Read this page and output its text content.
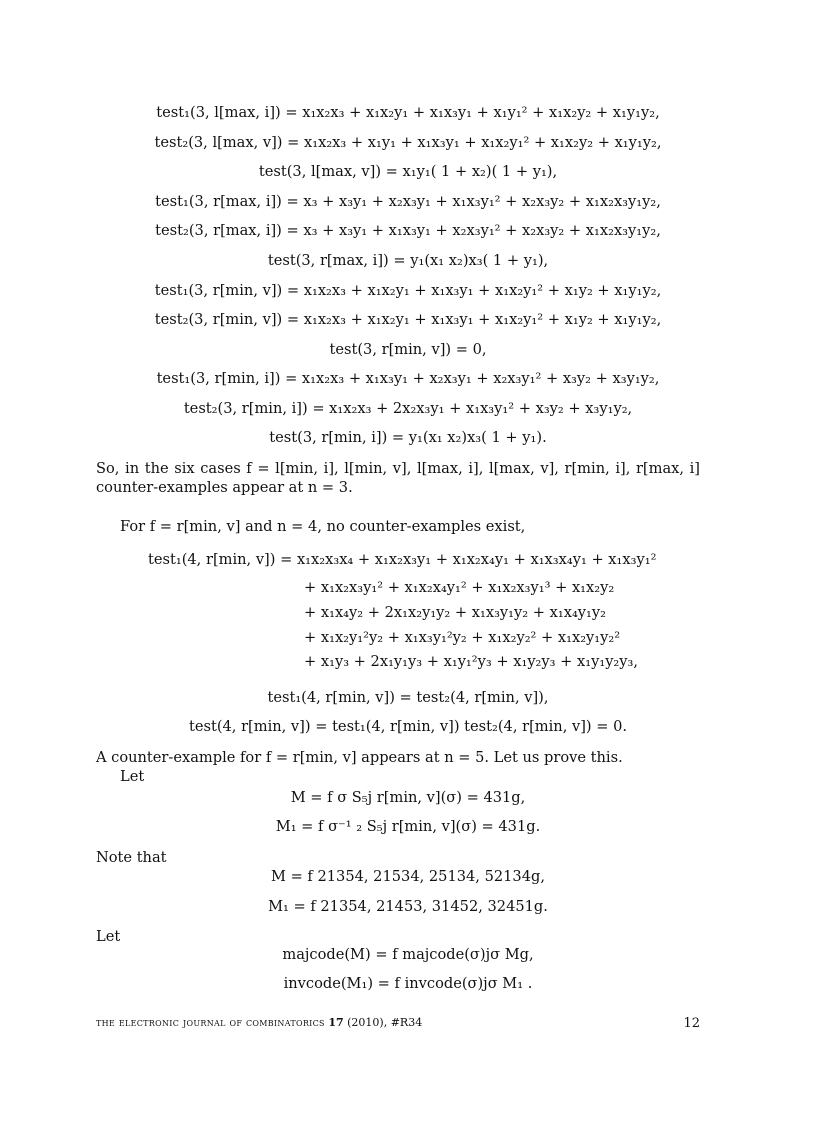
test₁(3, l[max, i]) = x₁x₂x₃ + x₁x₂y₁ + x₁x₃y₁ + x₁y₁² + x₁x₂y₂ + x₁y₁y₂,
test₂(3, l[max, v]) = x₁x₂x₃ + x₁y₁ + x₁x₃y₁ + x₁x₂y₁² + x₁x₂y₂ + x₁y₁y₂,
test(3, l[max, v]) = x₁y₁( 1 + x₂)( 1 + y₁),
test₁(3, r[max, i]) = x₃ + x₃y₁ + x₂x₃y₁ + x₁x₃y₁² + x₂x₃y₂ + x₁x₂x₃y₁y₂,
test₂(3, r[max, i]) = x₃ + x₃y₁ + x₁x₃y₁ + x₂x₃y₁² + x₂x₃y₂ + x₁x₂x₃y₁y₂,
test(3, r[max, i]) = y₁(x₁ x₂)x₃( 1 + y₁),
test₁(3, r[min, v]) = x₁x₂x₃ + x₁x₂y₁ + x₁x₃y₁ + x₁x₂y₁² + x₁y₂ + x₁y₁y₂,
test₂(3, r[min, v]) = x₁x₂x₃ + x₁x₂y₁ + x₁x₃y₁ + x₁x₂y₁² + x₁y₂ + x₁y₁y₂,
test(3, r[min, v]) = 0,
test₁(3, r[min, i]) = x₁x₂x₃ + x₁x₃y₁ + x₂x₃y₁ + x₂x₃y₁² + x₃y₂ + x₃y₁y₂,
test₂(3, r[min, i]) = x₁x₂x₃ + 2x₂x₃y₁ + x₁x₃y₁² + x₃y₂ + x₃y₁y₂,
test(3, r[min, i]) = y₁(x₁ x₂)x₃( 1 + y₁).
So, in the six cases f = l[min, i], l[min, v], l[max, i], l[max, v], r[min, i], r[max, i] counter-examples appear at n = 3.
For f = r[min, v] and n = 4, no counter-examples exist,
test₁(4, r[min, v]) = x₁x₂x₃x₄ + x₁x₂x₃y₁ + x₁x₂x₄y₁ + x₁x₃x₄y₁ + x₁x₃y₁²
+ x₁x₂x₃y₁² + x₁x₂x₄y₁² + x₁x₂x₃y₁³ + x₁x₂y₂
+ x₁x₄y₂ + 2x₁x₂y₁y₂ + x₁x₃y₁y₂ + x₁x₄y₁y₂
+ x₁x₂y₁²y₂ + x₁x₃y₁²y₂ + x₁x₂y₂² + x₁x₂y₁y₂²
+ x₁y₃ + 2x₁y₁y₃ + x₁y₁²y₃ + x₁y₂y₃ + x₁y₁y₂y₃,
test₁(4, r[min, v]) = test₂(4, r[min, v]),
test(4, r[min, v]) = test₁(4, r[min, v]) test₂(4, r[min, v]) = 0.
A counter-example for f = r[min, v] appears at n = 5. Let us prove this.
Let
M = f σ S₅j r[min, v](σ) = 431g,
M₁ = f σ⁻¹ ₂ S₅j r[min, v](σ) = 431g.
Note that
M = f 21354, 21534, 25134, 52134g,
M₁ = f 21354, 21453, 31452, 32451g.
Let
majcode(M) = f majcode(σ)jσ Mg,
invcode(M₁) = f invcode(σ)jσ M₁ .
the electronic journal of combinatorics 17 (2010), #R34	12
